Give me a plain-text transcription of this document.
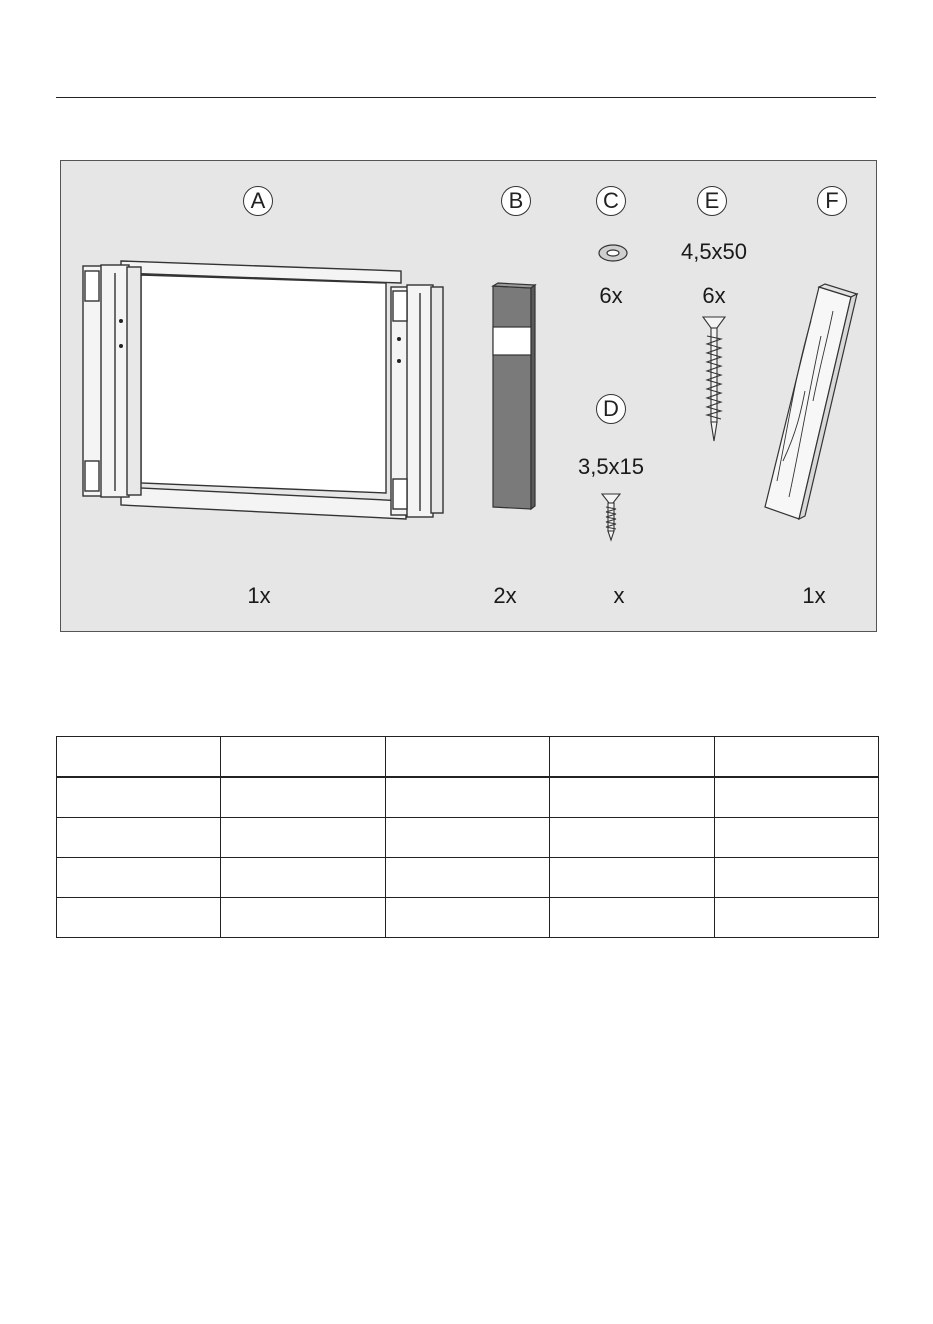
A	B	C	E	F
D
4,5x50
6x	6x
3,5x15
1x	2x	x	1x
